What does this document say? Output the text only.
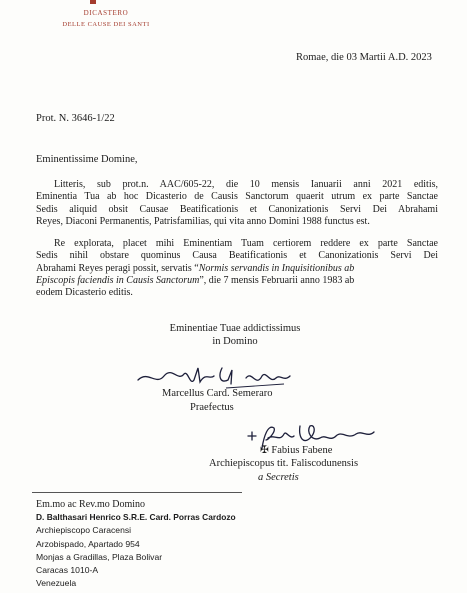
DICASTERO
DELLE CAUSE DEI SANTI
Romae, die 03 Martii A.D. 2023
Prot. N. 3646-1/22
Eminentissime Domine,
Litteris, sub prot.n. AAC/605-22, die 10 mensis Ianuarii anni 2021 editis,
Eminentia Tua ab hoc Dicasterio de Causis Sanctorum quaerit utrum ex parte Sanctae
Sedis aliquid obsit Causae Beatificationis et Canonizationis Servi Dei Abrahami
Reyes, Diaconi Permanentis, Patrisfamilias, qui vita anno Domini 1988 functus est.
Re explorata, placet mihi Eminentiam Tuam certiorem reddere ex parte Sanctae
Sedis nihil obstare quominus Causa Beatificationis et Canonizationis Servi Dei
Abrahami Reyes peragi possit, servatis “Normis servandis in Inquisitionibus ab
Episcopis faciendis in Causis Sanctorum”, die 7 mensis Februarii anno 1983 ab
eodem Dicasterio editis.
Eminentiae Tuae addictissimus
in Domino
Marcellus Card. Semeraro
Praefectus
✠ Fabius Fabene
Archiepiscopus tit. Faliscodunensis
a Secretis
Em.mo ac Rev.mo Domino
D. Balthasari Henrico S.R.E. Card. Porras Cardozo
Archiepiscopo Caracensi
Arzobispado, Apartado 954
Monjas a Gradillas, Plaza Bolivar
Caracas 1010-A
Venezuela
